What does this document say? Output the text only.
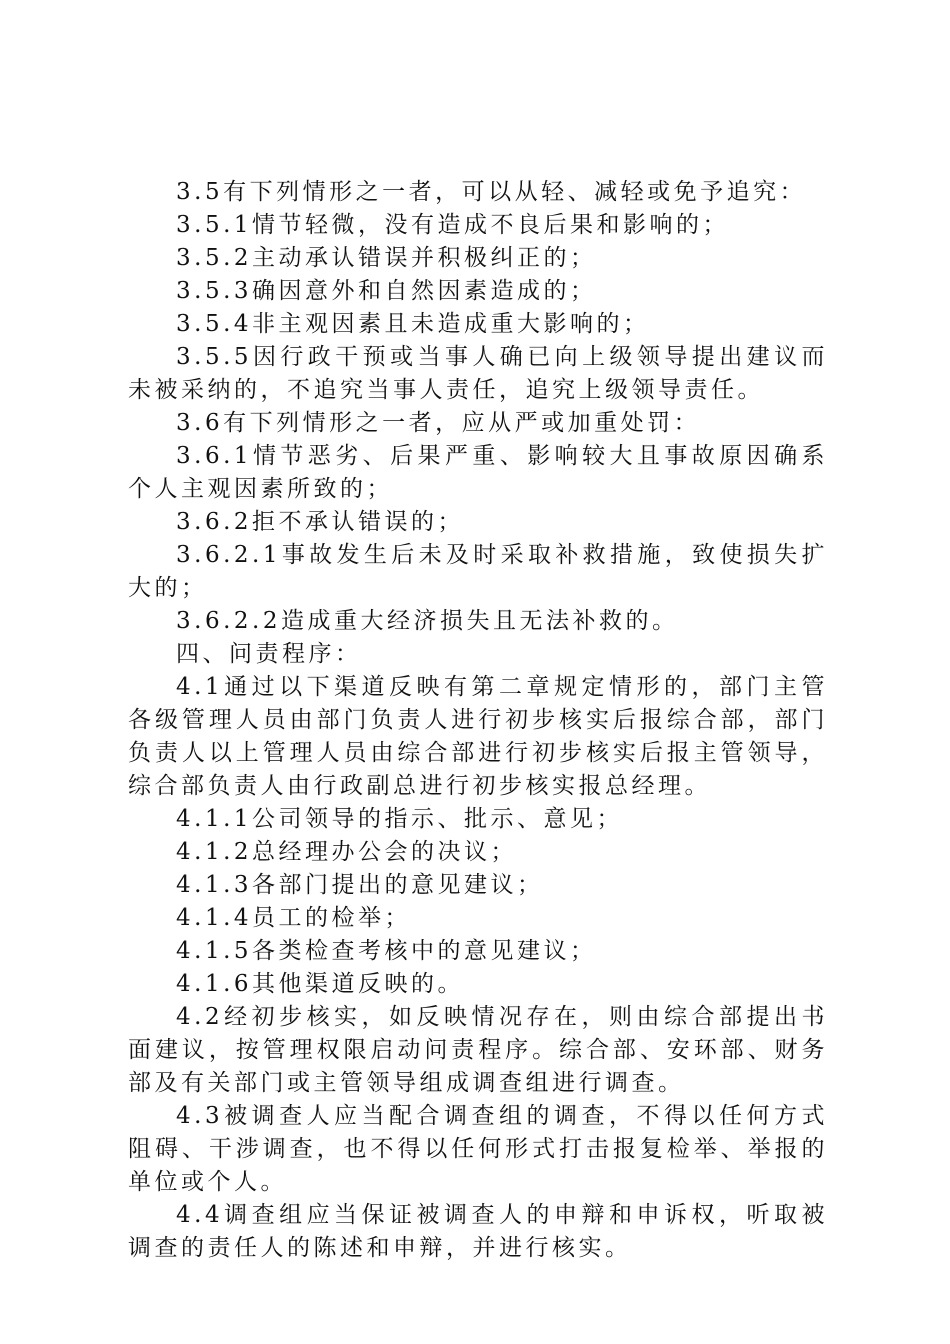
3.5有下列情形之一者，可以从轻、减轻或免予追究：

3.5.1情节轻微，没有造成不良后果和影响的；

3.5.2主动承认错误并积极纠正的；

3.5.3确因意外和自然因素造成的；

3.5.4非主观因素且未造成重大影响的；

3.5.5因行政干预或当事人确已向上级领导提出建议而未被采纳的，不追究当事人责任，追究上级领导责任。

3.6有下列情形之一者，应从严或加重处罚：

3.6.1情节恶劣、后果严重、影响较大且事故原因确系个人主观因素所致的；

3.6.2拒不承认错误的；

3.6.2.1事故发生后未及时采取补救措施，致使损失扩大的；

3.6.2.2造成重大经济损失且无法补救的。

四、问责程序：

4.1通过以下渠道反映有第二章规定情形的，部门主管各级管理人员由部门负责人进行初步核实后报综合部，部门负责人以上管理人员由综合部进行初步核实后报主管领导，综合部负责人由行政副总进行初步核实报总经理。

4.1.1公司领导的指示、批示、意见；

4.1.2总经理办公会的决议；

4.1.3各部门提出的意见建议；

4.1.4员工的检举；

4.1.5各类检查考核中的意见建议；

4.1.6其他渠道反映的。

4.2经初步核实，如反映情况存在，则由综合部提出书面建议，按管理权限启动问责程序。综合部、安环部、财务部及有关部门或主管领导组成调查组进行调查。

4.3被调查人应当配合调查组的调查，不得以任何方式阻碍、干涉调查，也不得以任何形式打击报复检举、举报的单位或个人。

4.4调查组应当保证被调查人的申辩和申诉权，听取被调查的责任人的陈述和申辩，并进行核实。
